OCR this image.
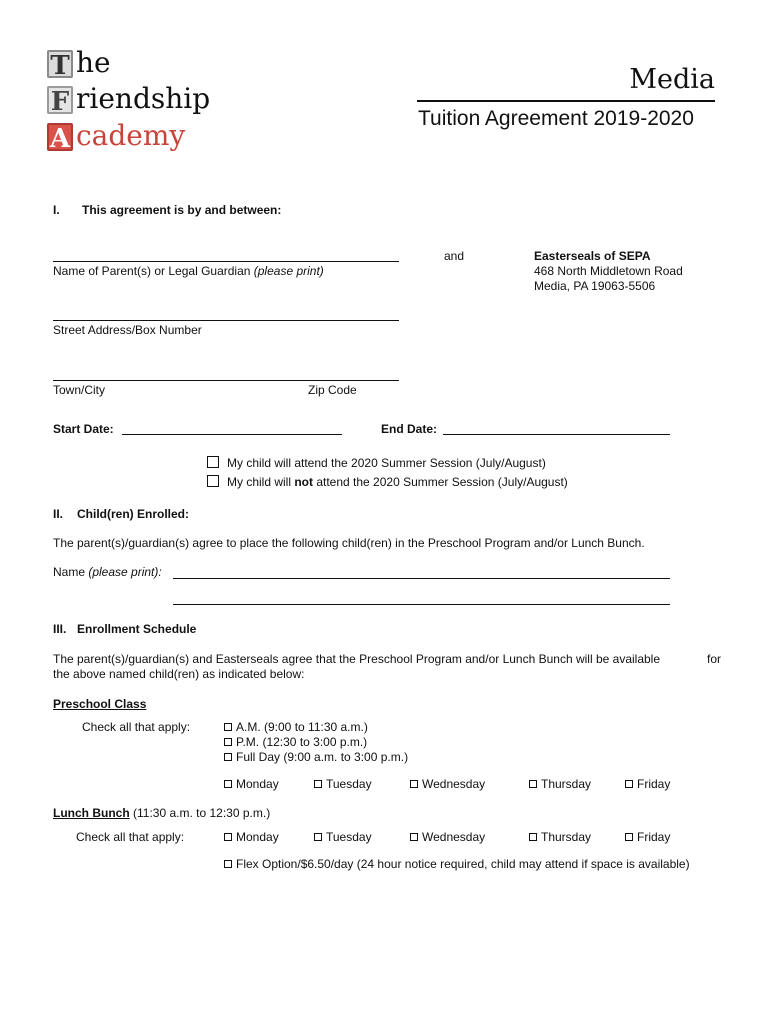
T he
F riendship
A cademy
Media
Tuition Agreement 2019-2020
I. This agreement is by and between:
Name of Parent(s) or Legal Guardian (please print)
and	Easterseals of SEPA
468 North Middletown Road
Media, PA 19063-5506
Street Address/Box Number
Town/City	Zip Code
Start Date:	End Date:
My child will attend the 2020 Summer Session (July/August)
My child will not attend the 2020 Summer Session (July/August)
II. Child(ren) Enrolled:
The parent(s)/guardian(s) agree to place the following child(ren) in the Preschool Program and/or Lunch Bunch.
Name (please print):
III. Enrollment Schedule
The parent(s)/guardian(s) and Easterseals agree that the Preschool Program and/or Lunch Bunch will be available	for
the above named child(ren) as indicated below:
Preschool Class
Check all that apply:	A.M. (9:00 to 11:30 a.m.)
P.M. (12:30 to 3:00 p.m.)
Full Day (9:00 a.m. to 3:00 p.m.)
Monday	Tuesday	Wednesday	Thursday	Friday
Lunch Bunch (11:30 a.m. to 12:30 p.m.)
Check all that apply:	Monday	Tuesday	Wednesday	Thursday	Friday
Flex Option/$6.50/day (24 hour notice required, child may attend if space is available)
